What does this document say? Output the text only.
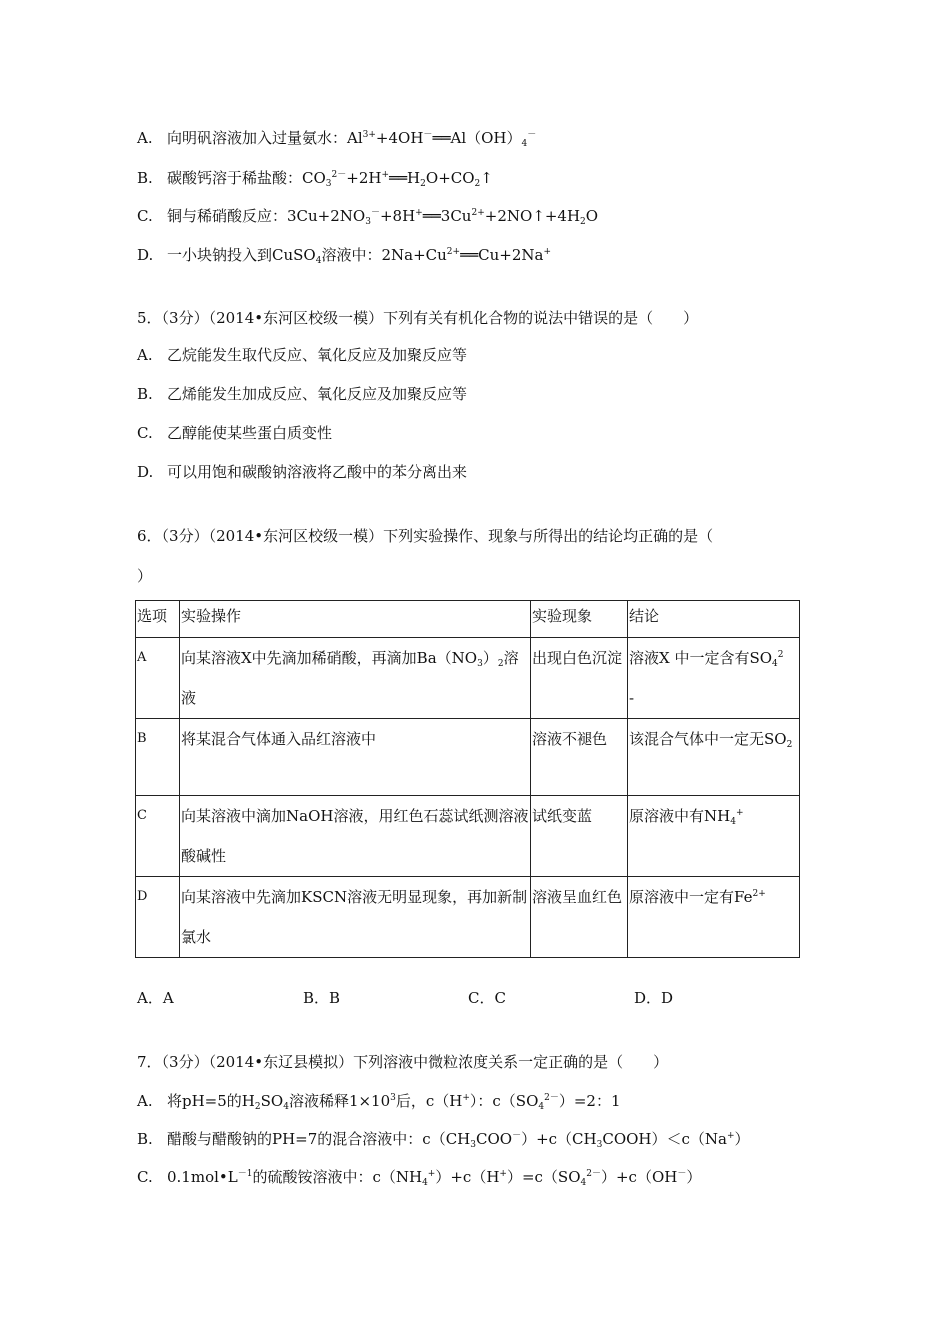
A. 向明矾溶液加入过量氨水：$Al^{3+}+4OH^-══Al(OH)_4^-$
B. 碳酸钙溶于稀盐酸：$CO_3^{2-}+2H^+══H_2O+CO_2↑$
C. 铜与稀硝酸反应：$3Cu+2NO_3^-+8H^+══3Cu^{2+}+2NO↑+4H_2O$
D. 一小块钠投入到CuSO$_4$溶液中：$2Na+Cu^{2+}══Cu+2Na^+$
5．（3分）（2014•东河区校级一模）下列有关有机化合物的说法中错误的是（　　）
A. 乙烷能发生取代反应、氧化反应及加聚反应等
B. 乙烯能发生加成反应、氧化反应及加聚反应等
C. 乙醇能使某些蛋白质变性
D. 可以用饱和碳酸钠溶液将乙酸中的苯分离出来
6．（3分）（2014•东河区校级一模）下列实验操作、现象与所得出的结论均正确的是（
）
选项	实验操作	实验现象	结论
A	向某溶液X中先滴加稀硝酸，再滴加$Ba(NO_3)_2$溶液	出现白色沉淀	溶液X 中一定含有$SO_4^2$
-
B	将某混合气体通入品红溶液中	溶液不褪色	该混合气体中一定无$SO_2$
C	向某溶液中滴加NaOH溶液，用红色石蕊试纸测溶液酸碱性	试纸变蓝	原溶液中有$NH_4^+$
D	向某溶液中先滴加KSCN溶液无明显现象，再加新制氯水	溶液呈血红色	原溶液中一定有$Fe^{2+}$
A．A	B．B	C．C	D．D
7．（3分）（2014•东辽县模拟）下列溶液中微粒浓度关系一定正确的是（　　）
A. 将pH=5的$H_2SO_4$溶液稀释$1\times 10^3$后，c（H+）：$c(SO_4^{2-})=2$：1
B. 醋酸与醋酸钠的PH=7的混合溶液中：$c(CH_3COO^-)+c(CH_3COOH)<c(Na^+)$
C. $0.1mol•L^{-1}$的硫酸铵溶液中：$c(NH_4^+)+c(H^+)=c(SO_4^{2-})+c(OH^-)$
